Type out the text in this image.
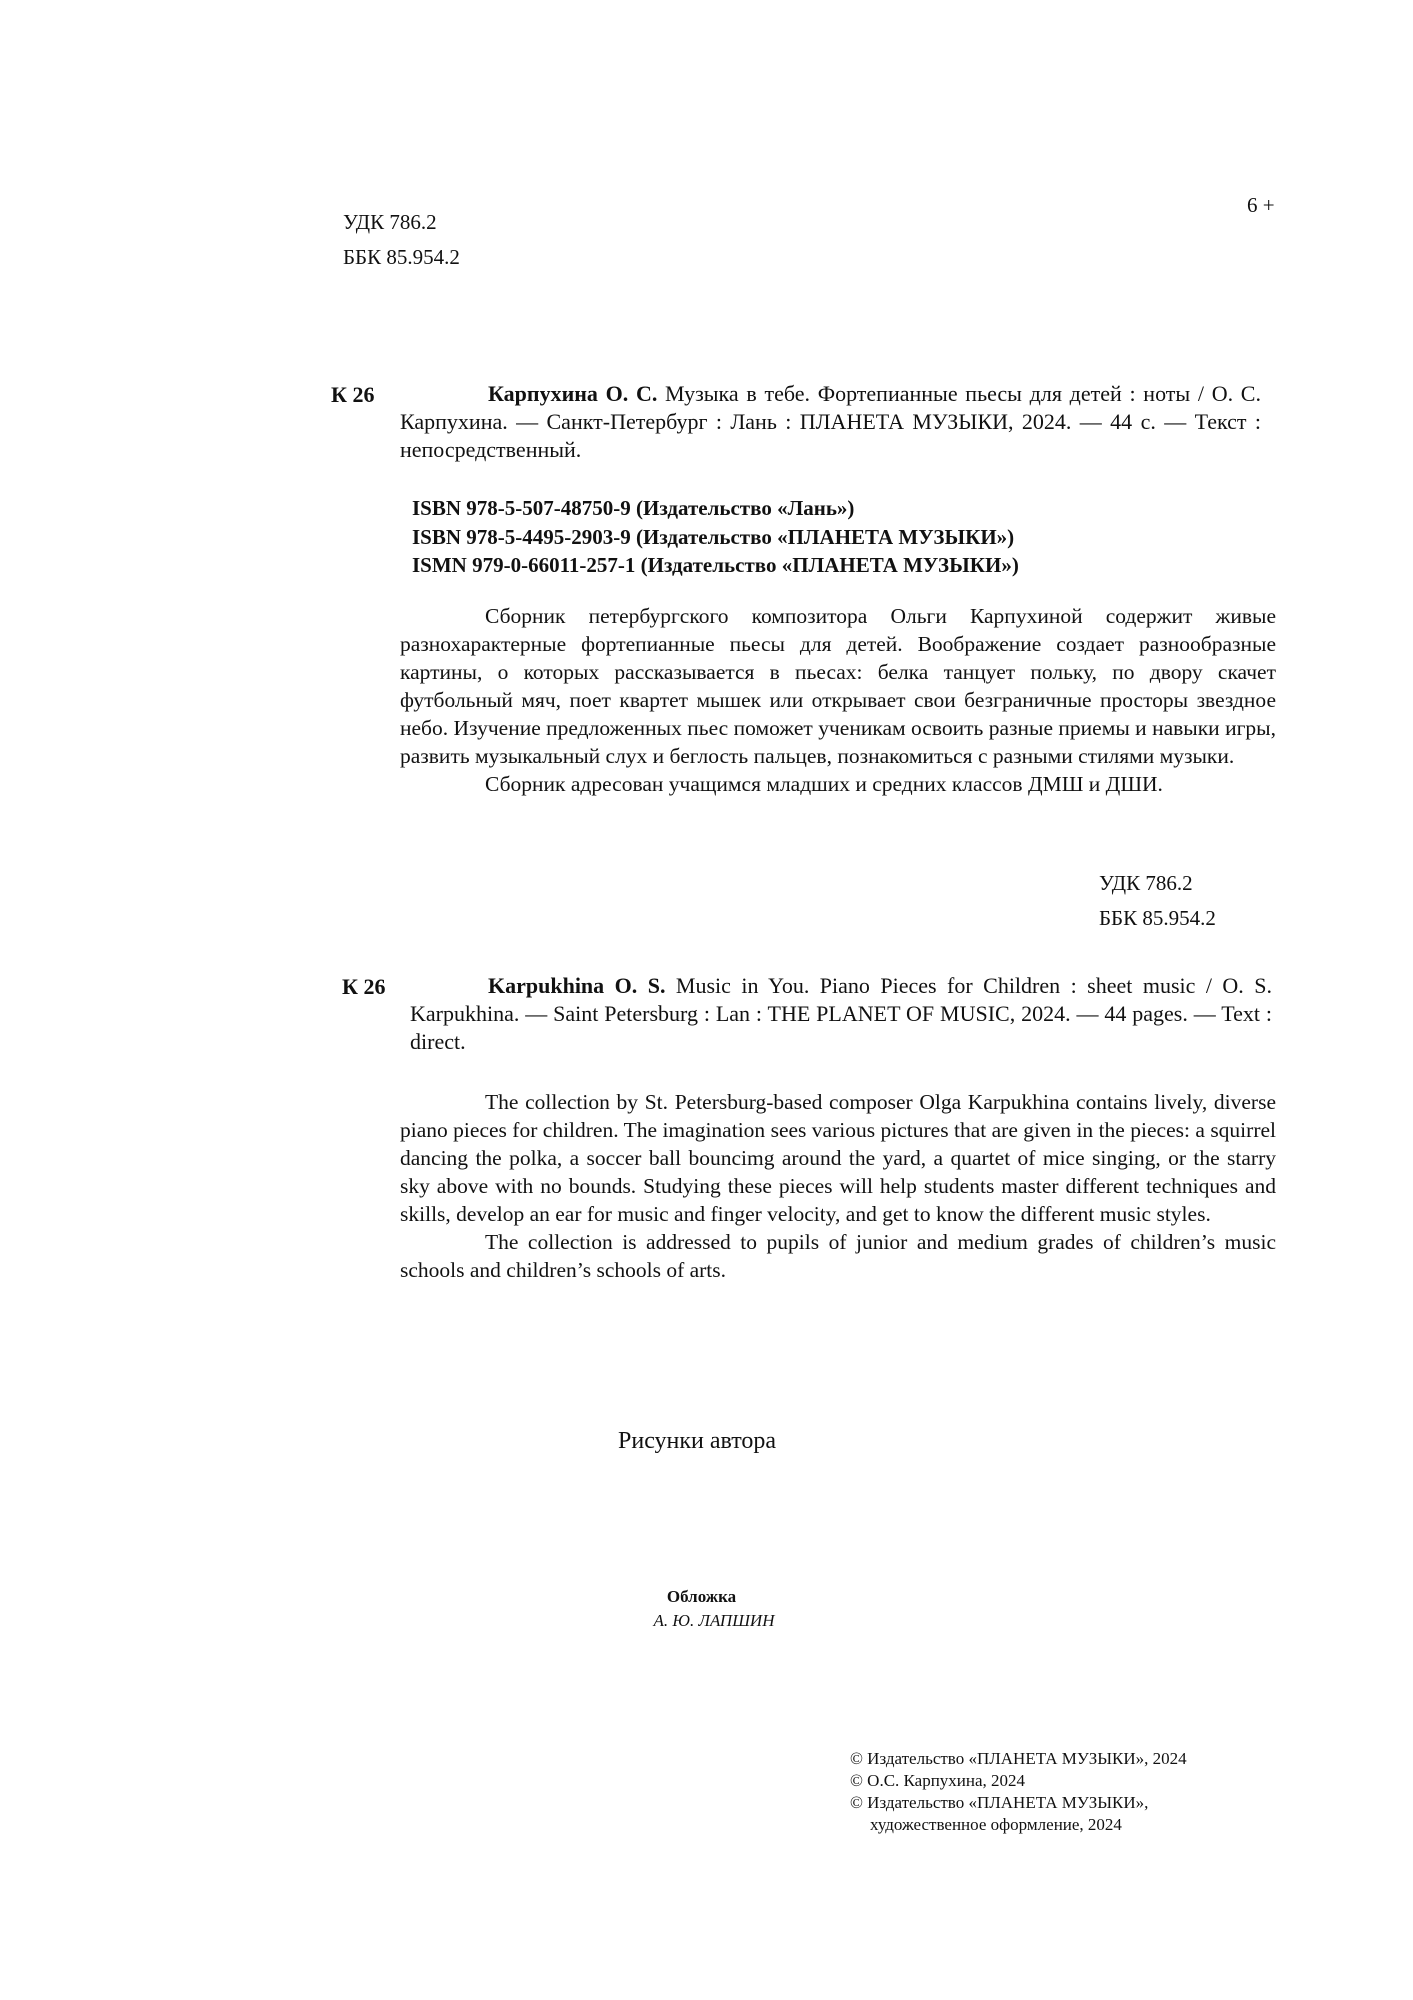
УДК 786.2
ББК 85.954.2
6 +
К 26	Карпухина О. С. Музыка в тебе. Фортепианные пьесы для детей : ноты / О. С. Карпухина. — Санкт-Петербург : Лань : ПЛАНЕТА МУЗЫКИ, 2024. — 44 с. — Текст : непосредственный.
ISBN 978-5-507-48750-9 (Издательство «Лань»)
ISBN 978-5-4495-2903-9 (Издательство «ПЛАНЕТА МУЗЫКИ»)
ISMN 979-0-66011-257-1 (Издательство «ПЛАНЕТА МУЗЫКИ»)

Сборник петербургского композитора Ольги Карпухиной содержит живые разнохарактерные фортепианные пьесы для детей. Воображение создает разнообразные картины, о которых рассказывается в пьесах: белка танцует польку, по двору скачет футбольный мяч, поет квартет мышек или открывает свои безграничные просторы звездное небо. Изучение предложенных пьес поможет ученикам освоить разные приемы и навыки игры, развить музыкальный слух и беглость пальцев, познакомиться с разными стилями музыки.

Сборник адресован учащимся младших и средних классов ДМШ и ДШИ.

УДК 786.2
ББК 85.954.2
К 26	Karpukhina O. S. Music in You. Piano Pieces for Children : sheet music / O. S. Karpukhina. — Saint Petersburg : Lan : THE PLANET OF MUSIC, 2024. — 44 pages. — Text : direct.

The collection by St. Petersburg-based composer Olga Karpukhina contains lively, diverse piano pieces for children. The imagination sees various pictures that are given in the pieces: a squirrel dancing the polka, a soccer ball bouncimg around the yard, a quartet of mice singing, or the starry sky above with no bounds. Studying these pieces will help students master different techniques and skills, develop an ear for music and finger velocity, and get to know the different music styles.

The collection is addressed to pupils of junior and medium grades of children’s music schools and children’s schools of arts.

Рисунки автора
Обложка
А. Ю. ЛАПШИН
© Издательство «ПЛАНЕТА МУЗЫКИ», 2024
© О.С. Карпухина, 2024
© Издательство «ПЛАНЕТА МУЗЫКИ»,
художественное оформление, 2024
